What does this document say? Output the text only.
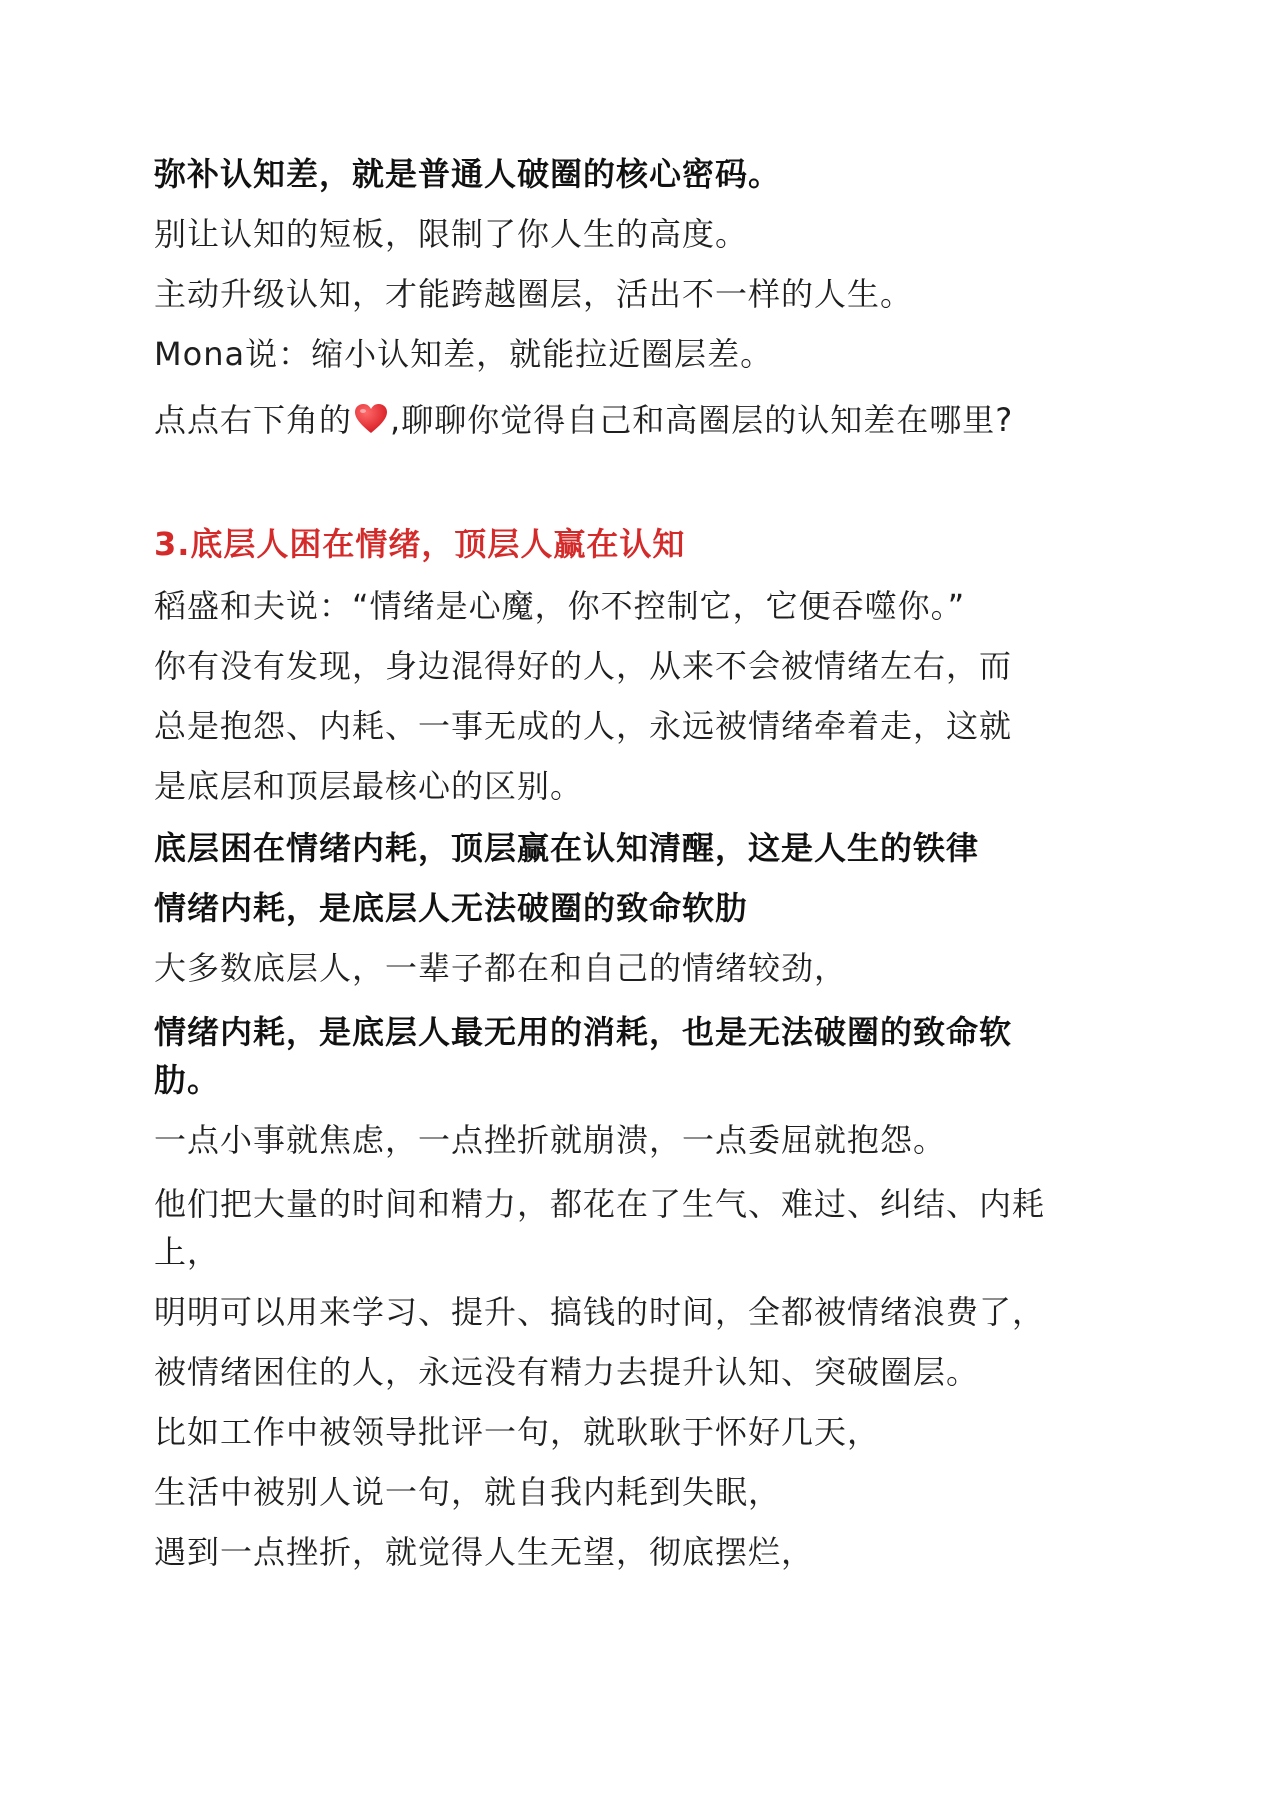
弥补认知差，就是普通人破圈的核心密码。
别让认知的短板，限制了你人生的高度。
主动升级认知，才能跨越圈层，活出不一样的人生。
Mona说：缩小认知差，就能拉近圈层差。
点点右下角的 ,聊聊你觉得自己和高圈层的认知差在哪里?
3.底层人困在情绪，顶层人赢在认知
稻盛和夫说：“情绪是心魔，你不控制它，它便吞噬你。”
你有没有发现，身边混得好的人，从来不会被情绪左右，而
总是抱怨、内耗、一事无成的人，永远被情绪牵着走，这就
是底层和顶层最核心的区别。
底层困在情绪内耗，顶层赢在认知清醒，这是人生的铁律
情绪内耗，是底层人无法破圈的致命软肋
大多数底层人，一辈子都在和自己的情绪较劲，
情绪内耗，是底层人最无用的消耗，也是无法破圈的致命软
肋。
一点小事就焦虑，一点挫折就崩溃，一点委屈就抱怨。
他们把大量的时间和精力，都花在了生气、难过、纠结、内耗
上，
明明可以用来学习、提升、搞钱的时间，全都被情绪浪费了，
被情绪困住的人，永远没有精力去提升认知、突破圈层。
比如工作中被领导批评一句，就耿耿于怀好几天，
生活中被别人说一句，就自我内耗到失眠，
遇到一点挫折，就觉得人生无望，彻底摆烂，
